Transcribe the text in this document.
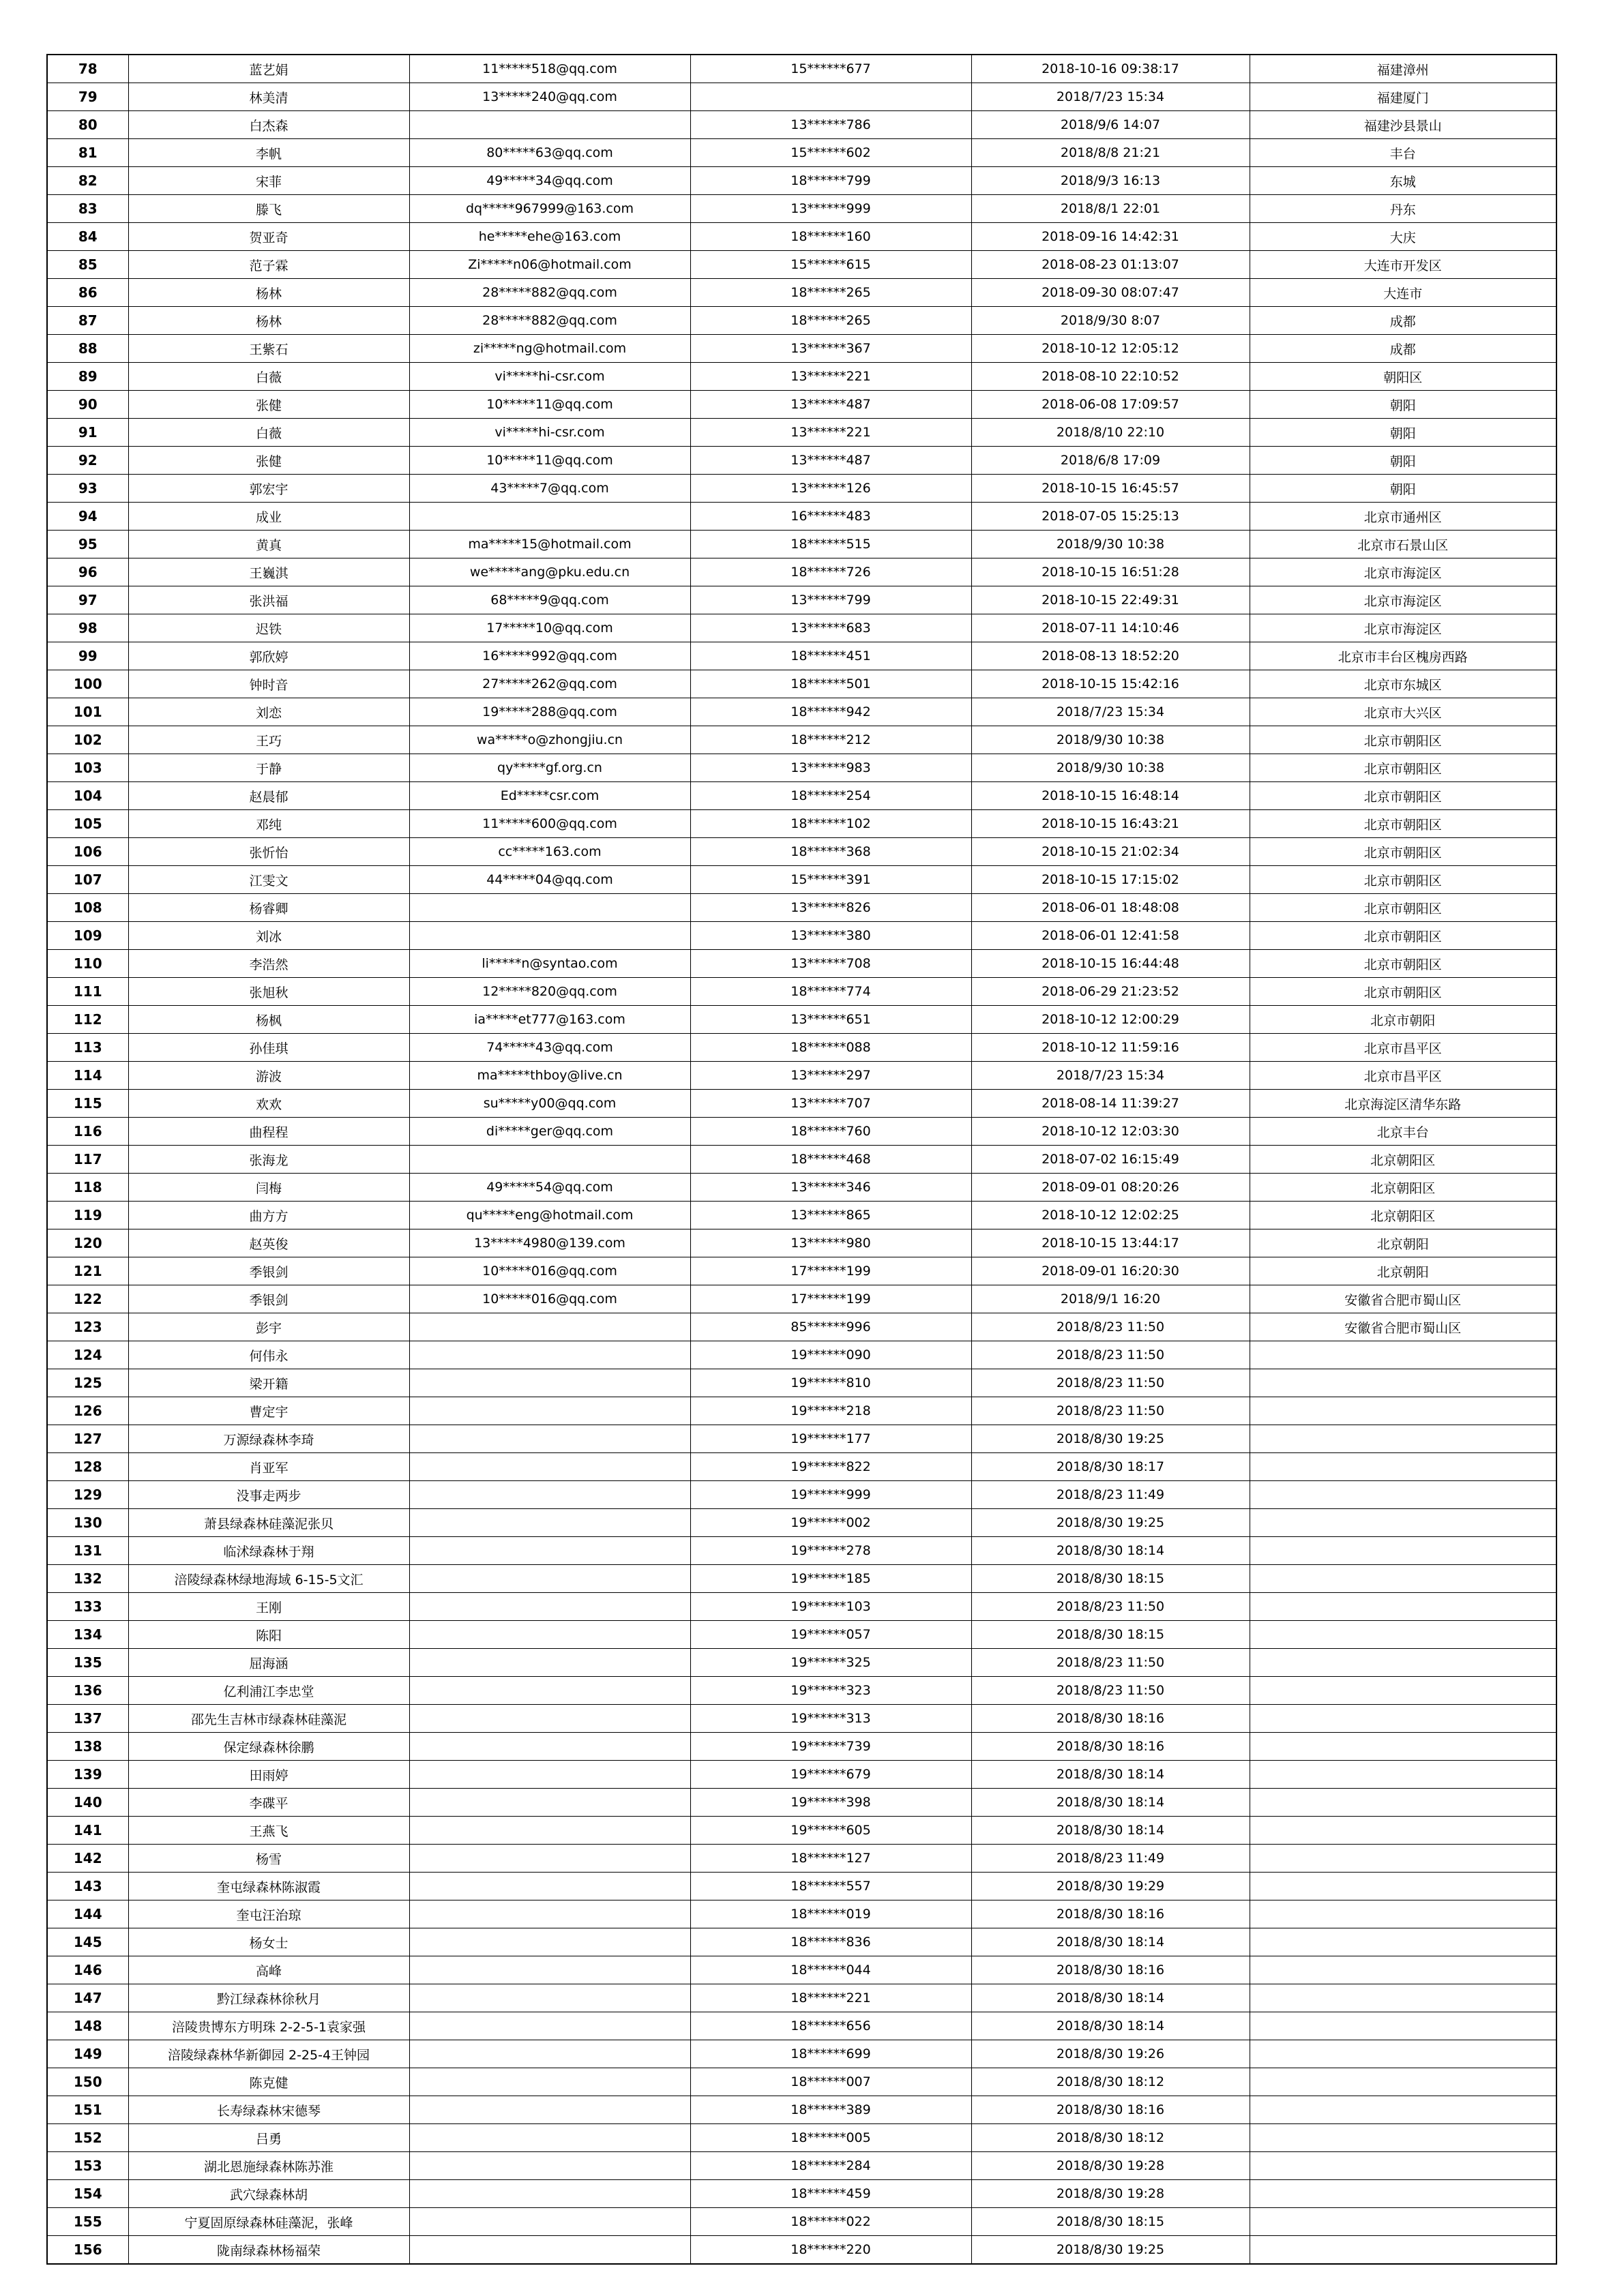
78	蓝艺娟	11*****518@qq.com	15******677	2018-10-16 09:38:17	福建漳州
79	林美清	13*****240@qq.com		2018/7/23 15:34	福建厦门
80	白杰森		13******786	2018/9/6 14:07	福建沙县景山
81	李帆	80*****63@qq.com	15******602	2018/8/8 21:21	丰台
82	宋菲	49*****34@qq.com	18******799	2018/9/3 16:13	东城
83	滕飞	dq*****967999@163.com	13******999	2018/8/1 22:01	丹东
84	贺亚奇	he*****ehe@163.com	18******160	2018-09-16 14:42:31	大庆
85	范子霖	Zi*****n06@hotmail.com	15******615	2018-08-23 01:13:07	大连市开发区
86	杨林	28*****882@qq.com	18******265	2018-09-30 08:07:47	大连市
87	杨林	28*****882@qq.com	18******265	2018/9/30 8:07	成都
88	王紫石	zi*****ng@hotmail.com	13******367	2018-10-12 12:05:12	成都
89	白薇	vi*****hi-csr.com	13******221	2018-08-10 22:10:52	朝阳区
90	张健	10*****11@qq.com	13******487	2018-06-08 17:09:57	朝阳
91	白薇	vi*****hi-csr.com	13******221	2018/8/10 22:10	朝阳
92	张健	10*****11@qq.com	13******487	2018/6/8 17:09	朝阳
93	郭宏宇	43*****7@qq.com	13******126	2018-10-15 16:45:57	朝阳
94	成业		16******483	2018-07-05 15:25:13	北京市通州区
95	黄真	ma*****15@hotmail.com	18******515	2018/9/30 10:38	北京市石景山区
96	王巍淇	we*****ang@pku.edu.cn	18******726	2018-10-15 16:51:28	北京市海淀区
97	张洪福	68*****9@qq.com	13******799	2018-10-15 22:49:31	北京市海淀区
98	迟铁	17*****10@qq.com	13******683	2018-07-11 14:10:46	北京市海淀区
99	郭欣婷	16*****992@qq.com	18******451	2018-08-13 18:52:20	北京市丰台区槐房西路
100	钟时音	27*****262@qq.com	18******501	2018-10-15 15:42:16	北京市东城区
101	刘恋	19*****288@qq.com	18******942	2018/7/23 15:34	北京市大兴区
102	王巧	wa*****o@zhongjiu.cn	18******212	2018/9/30 10:38	北京市朝阳区
103	于静	qy*****gf.org.cn	13******983	2018/9/30 10:38	北京市朝阳区
104	赵晨郁	Ed*****csr.com	18******254	2018-10-15 16:48:14	北京市朝阳区
105	邓纯	11*****600@qq.com	18******102	2018-10-15 16:43:21	北京市朝阳区
106	张忻怡	cc*****163.com	18******368	2018-10-15 21:02:34	北京市朝阳区
107	江雯文	44*****04@qq.com	15******391	2018-10-15 17:15:02	北京市朝阳区
108	杨睿卿		13******826	2018-06-01 18:48:08	北京市朝阳区
109	刘冰		13******380	2018-06-01 12:41:58	北京市朝阳区
110	李浩然	li*****n@syntao.com	13******708	2018-10-15 16:44:48	北京市朝阳区
111	张旭秋	12*****820@qq.com	18******774	2018-06-29 21:23:52	北京市朝阳区
112	杨枫	ia*****et777@163.com	13******651	2018-10-12 12:00:29	北京市朝阳
113	孙佳琪	74*****43@qq.com	18******088	2018-10-12 11:59:16	北京市昌平区
114	游波	ma*****thboy@live.cn	13******297	2018/7/23 15:34	北京市昌平区
115	欢欢	su*****y00@qq.com	13******707	2018-08-14 11:39:27	北京海淀区清华东路
116	曲程程	di*****ger@qq.com	18******760	2018-10-12 12:03:30	北京丰台
117	张海龙		18******468	2018-07-02 16:15:49	北京朝阳区
118	闫梅	49*****54@qq.com	13******346	2018-09-01 08:20:26	北京朝阳区
119	曲方方	qu*****eng@hotmail.com	13******865	2018-10-12 12:02:25	北京朝阳区
120	赵英俊	13*****4980@139.com	13******980	2018-10-15 13:44:17	北京朝阳
121	季银剑	10*****016@qq.com	17******199	2018-09-01 16:20:30	北京朝阳
122	季银剑	10*****016@qq.com	17******199	2018/9/1 16:20	安徽省合肥市蜀山区
123	彭宇		85******996	2018/8/23 11:50	安徽省合肥市蜀山区
124	何伟永		19******090	2018/8/23 11:50	
125	梁开籍		19******810	2018/8/23 11:50	
126	曹定宇		19******218	2018/8/23 11:50	
127	万源绿森林李琦		19******177	2018/8/30 19:25	
128	肖亚军		19******822	2018/8/30 18:17	
129	没事走两步		19******999	2018/8/23 11:49	
130	萧县绿森林硅藻泥张贝		19******002	2018/8/30 19:25	
131	临沭绿森林于翔		19******278	2018/8/30 18:14	
132	涪陵绿森林绿地海域 6-15-5文汇		19******185	2018/8/30 18:15	
133	王刚		19******103	2018/8/23 11:50	
134	陈阳		19******057	2018/8/30 18:15	
135	屈海涵		19******325	2018/8/23 11:50	
136	亿利浦江李忠堂		19******323	2018/8/23 11:50	
137	邵先生吉林市绿森林硅藻泥		19******313	2018/8/30 18:16	
138	保定绿森林徐鹏		19******739	2018/8/30 18:16	
139	田雨婷		19******679	2018/8/30 18:14	
140	李碟平		19******398	2018/8/30 18:14	
141	王燕飞		19******605	2018/8/30 18:14	
142	杨雪		18******127	2018/8/23 11:49	
143	奎屯绿森林陈淑霞		18******557	2018/8/30 19:29	
144	奎屯汪治琼		18******019	2018/8/30 18:16	
145	杨女士		18******836	2018/8/30 18:14	
146	高峰		18******044	2018/8/30 18:16	
147	黔江绿森林徐秋月		18******221	2018/8/30 18:14	
148	涪陵贵博东方明珠 2-2-5-1袁家强		18******656	2018/8/30 18:14	
149	涪陵绿森林华新御园 2-25-4王钟园		18******699	2018/8/30 19:26	
150	陈克健		18******007	2018/8/30 18:12	
151	长寿绿森林宋德琴		18******389	2018/8/30 18:16	
152	吕勇		18******005	2018/8/30 18:12	
153	湖北恩施绿森林陈苏淮		18******284	2018/8/30 19:28	
154	武穴绿森林胡		18******459	2018/8/30 19:28	
155	宁夏固原绿森林硅藻泥，张峰		18******022	2018/8/30 18:15	
156	陇南绿森林杨福荣		18******220	2018/8/30 19:25	
